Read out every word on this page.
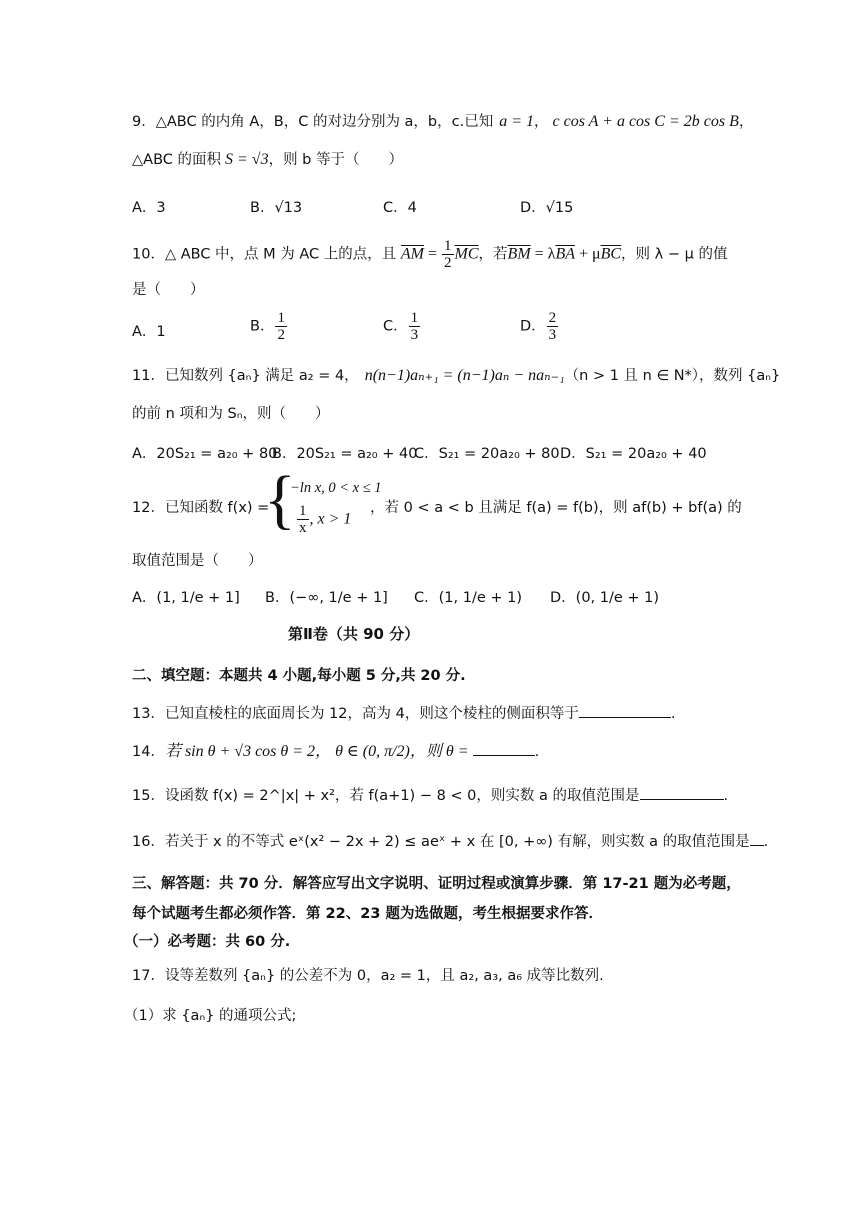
9．△ABC 的内角 A，B，C 的对边分别为 a，b，c.已知 a = 1， c cos A + a cos C = 2b cos B，
△ABC 的面积 S = √3，则 b 等于（　　）
A．3	B．√13	C．4	D．√15
10．△ ABC 中，点 M 为 AC 上的点，且 $\overline{AM} = \frac{1}{2} \overline{MC}$，若$\overline{BM} = \lambda\overline{BA} + \mu\overline{BC}$，则 λ − μ 的值
是（　　）
A．1	B． $\frac{1}{2}$	C． $\frac{1}{3}$	D． $\frac{2}{3}$
11．已知数列 {aₙ} 满足 a₂ = 4， n(n−1)aₙ₊₁ = (n−1)aₙ − naₙ₋₁（n > 1 且 n ∈ N*），数列 {aₙ}
的前 n 项和为 Sₙ，则（　　）
A．20S₂₁ = a₂₀ + 80
B．20S₂₁ = a₂₀ + 40
C．S₂₁ = 20a₂₀ + 80 D．S₂₁ = 20a₂₀ + 40
12．已知函数 f(x) =
{
−ln x, 0 < x ≤ 1
$\frac{1}{x}$ , x > 1
，若 0 < a < b 且满足 f(a) = f(b)，则 af(b) + bf(a) 的
取值范围是（　　）
A．(1, 1/e + 1] B．(−∞, 1/e + 1] C．(1, 1/e + 1) D．(0, 1/e + 1)
第Ⅱ卷（共 90 分）
二、填空题：本题共 4 小题,每小题 5 分,共 20 分.
13．已知直棱柱的底面周长为 12，高为 4，则这个棱柱的侧面积等于	.
14．若 sin θ + √3 cos θ = 2， θ ∈ (0, π/2)，则 θ =	.
15．设函数 f(x) = 2^|x| + x²，若 f(a+1) − 8 < 0，则实数 a 的取值范围是	.
16．若关于 x 的不等式 eˣ(x² − 2x + 2) ≤ aeˣ + x 在 [0, +∞) 有解，则实数 a 的取值范围是 .
三、解答题：共 70 分．解答应写出文字说明、证明过程或演算步骤．第 17-21 题为必考题，
每个试题考生都必须作答．第 22、23 题为选做题，考生根据要求作答．
（一）必考题：共 60 分.
17．设等差数列 {aₙ} 的公差不为 0，a₂ = 1，且 a₂, a₃, a₆ 成等比数列.
（1）求 {aₙ} 的通项公式;
